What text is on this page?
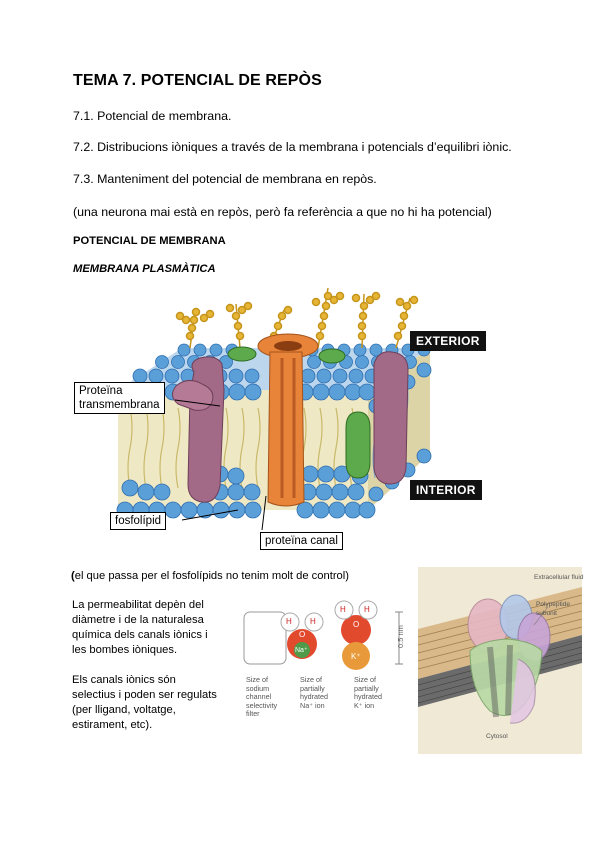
TEMA 7. POTENCIAL DE REPÒS
7.1. Potencial de membrana.
7.2. Distribucions iòniques a través de la membrana i potencials d’equilibri iònic.
7.3. Manteniment del potencial de membrana en repòs.
(una neurona mai està en repòs, però fa referència a que no hi ha potencial)
POTENCIAL DE MEMBRANA
MEMBRANA PLASMÀTICA
EXTERIOR
INTERIOR
Proteïna
transmembrana
fosfolípid
proteïna canal
(el que passa per el fosfolípids no tenim molt de control)
La permeabilitat depèn del
diàmetre i de la naturalesa
química dels canals iònics i
les bombes iòniques.
Els canals iònics són
selectius i poden ser regulats
(per lligand, voltatge,
estirament, etc).
H H
O
Na⁺
H H
O
K⁺
0.5 nm
Size of
sodium
channel
selectivity
filter
Size of
partially
hydrated
Na⁺ ion
Size of
partially
hydrated
K⁺ ion
Extracellular fluid
Polypeptide
subunit
Cytosol
